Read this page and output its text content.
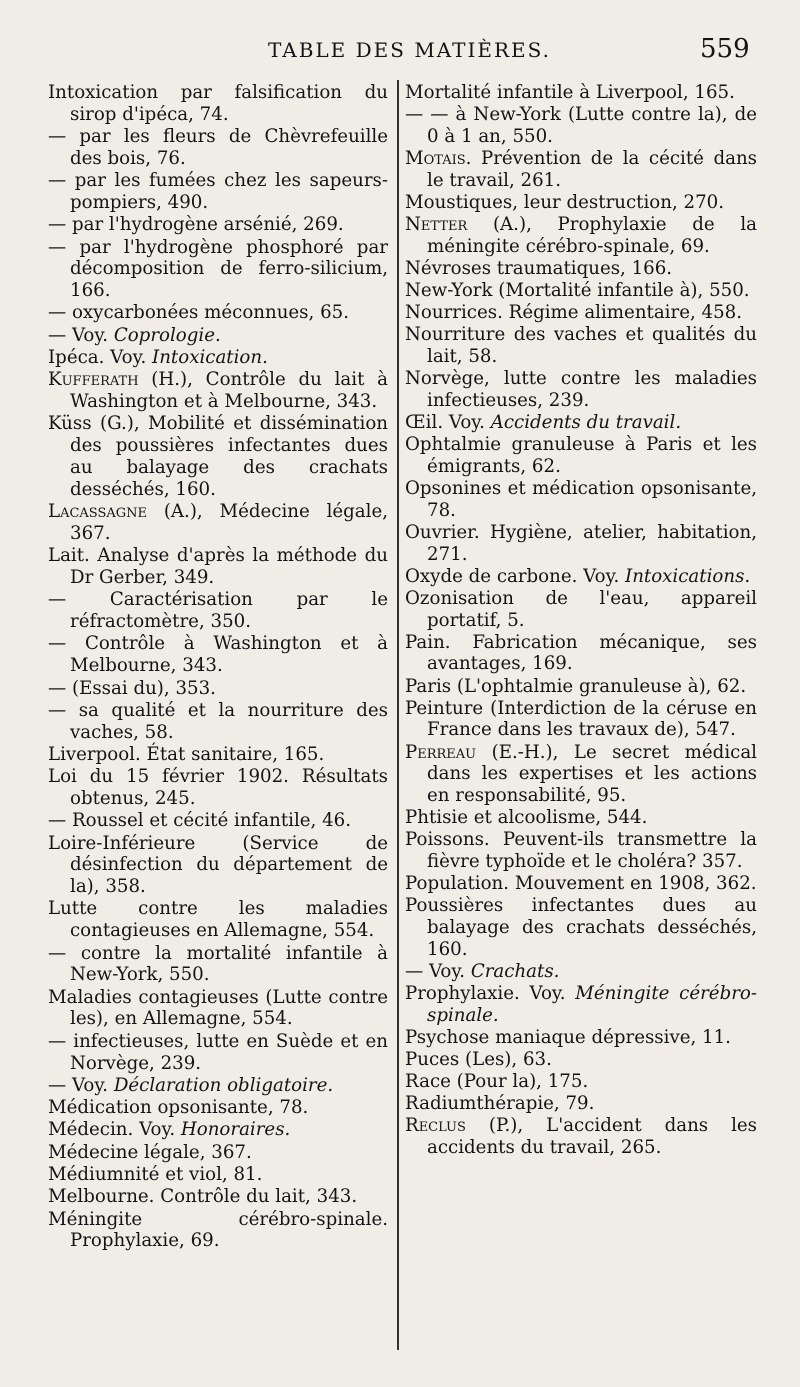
TABLE DES MATIÈRES.	559

Intoxication par falsification du sirop d'ipéca, 74.

— par les fleurs de Chèvrefeuille des bois, 76.

— par les fumées chez les sapeurs-pompiers, 490.

— par l'hydrogène arsénié, 269.

— par l'hydrogène phosphoré par décomposition de ferro-silicium, 166.

— oxycarbonées méconnues, 65.

— Voy. Coprologie.

Ipéca. Voy. Intoxication.

Kufferath (H.), Contrôle du lait à Washington et à Melbourne, 343.

Küss (G.), Mobilité et dissémination des poussières infectantes dues au balayage des crachats desséchés, 160.

Lacassagne (A.), Médecine légale, 367.

Lait. Analyse d'après la méthode du Dr Gerber, 349.

— Caractérisation par le réfractomètre, 350.

— Contrôle à Washington et à Melbourne, 343.

— (Essai du), 353.

— sa qualité et la nourriture des vaches, 58.

Liverpool. État sanitaire, 165.

Loi du 15 février 1902. Résultats obtenus, 245.

— Roussel et cécité infantile, 46.

Loire-Inférieure (Service de désinfection du département de la), 358.

Lutte contre les maladies contagieuses en Allemagne, 554.

— contre la mortalité infantile à New-York, 550.

Maladies contagieuses (Lutte contre les), en Allemagne, 554.

— infectieuses, lutte en Suède et en Norvège, 239.

— Voy. Déclaration obligatoire.

Médication opsonisante, 78.

Médecin. Voy. Honoraires.

Médecine légale, 367.

Médiumnité et viol, 81.

Melbourne. Contrôle du lait, 343.

Méningite cérébro-spinale. Prophylaxie, 69.

Mortalité infantile à Liverpool, 165.

— — à New-York (Lutte contre la), de 0 à 1 an, 550.

Motais. Prévention de la cécité dans le travail, 261.

Moustiques, leur destruction, 270.

Netter (A.), Prophylaxie de la méningite cérébro-spinale, 69.

Névroses traumatiques, 166.

New-York (Mortalité infantile à), 550.

Nourrices. Régime alimentaire, 458.

Nourriture des vaches et qualités du lait, 58.

Norvège, lutte contre les maladies infectieuses, 239.

Œil. Voy. Accidents du travail.

Ophtalmie granuleuse à Paris et les émigrants, 62.

Opsonines et médication opsonisante, 78.

Ouvrier. Hygiène, atelier, habitation, 271.

Oxyde de carbone. Voy. Intoxications.

Ozonisation de l'eau, appareil portatif, 5.

Pain. Fabrication mécanique, ses avantages, 169.

Paris (L'ophtalmie granuleuse à), 62.

Peinture (Interdiction de la céruse en France dans les travaux de), 547.

Perreau (E.-H.), Le secret médical dans les expertises et les actions en responsabilité, 95.

Phtisie et alcoolisme, 544.

Poissons. Peuvent-ils transmettre la fièvre typhoïde et le choléra? 357.

Population. Mouvement en 1908, 362.

Poussières infectantes dues au balayage des crachats desséchés, 160.

— Voy. Crachats.

Prophylaxie. Voy. Méningite cérébro-spinale.

Psychose maniaque dépressive, 11.

Puces (Les), 63.

Race (Pour la), 175.

Radiumthérapie, 79.

Reclus (P.), L'accident dans les accidents du travail, 265.
